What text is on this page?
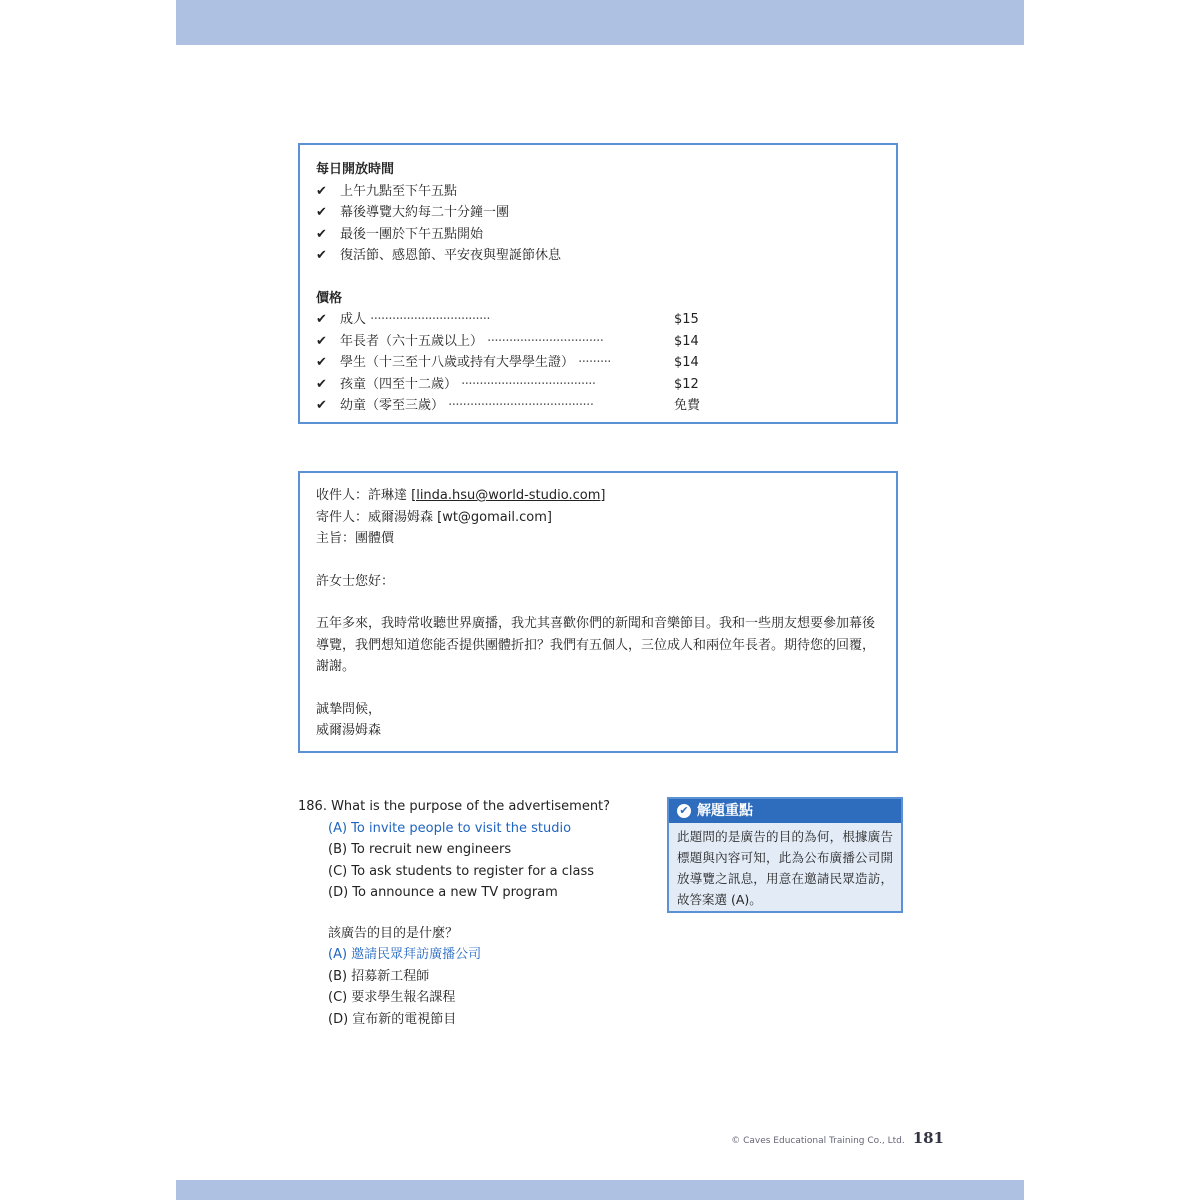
每日開放時間
✔ 上午九點至下午五點
✔ 幕後導覽大約每二十分鐘一團
✔ 最後一團於下午五點開始
✔ 復活節、感恩節、平安夜與聖誕節休息
價格
✔ 成人 ·································	$15
✔ 年長者（六十五歲以上） ································	$14
✔ 學生（十三至十八歲或持有大學學生證） ·········	$14
✔ 孩童（四至十二歲） ·····································	$12
✔ 幼童（零至三歲） ········································	免費
收件人：許琳達 [linda.hsu@world-studio.com]
寄件人：威爾湯姆森 [wt@gomail.com]
主旨：團體價
許女士您好：
五年多來，我時常收聽世界廣播，我尤其喜歡你們的新聞和音樂節目。我和一些朋友想要參加幕後導覽，我們想知道您能否提供團體折扣？我們有五個人，三位成人和兩位年長者。期待您的回覆，謝謝。
誠摯問候，
威爾湯姆森
186. What is the purpose of the advertisement?
(A) To invite people to visit the studio
(B) To recruit new engineers
(C) To ask students to register for a class
(D) To announce a new TV program
該廣告的目的是什麼？
(A) 邀請民眾拜訪廣播公司
(B) 招募新工程師
(C) 要求學生報名課程
(D) 宣布新的電視節目
✔ 解題重點
此題問的是廣告的目的為何，根據廣告標題與內容可知，此為公布廣播公司開放導覽之訊息，用意在邀請民眾造訪，故答案選 (A)。
© Caves Educational Training Co., Ltd. 181
